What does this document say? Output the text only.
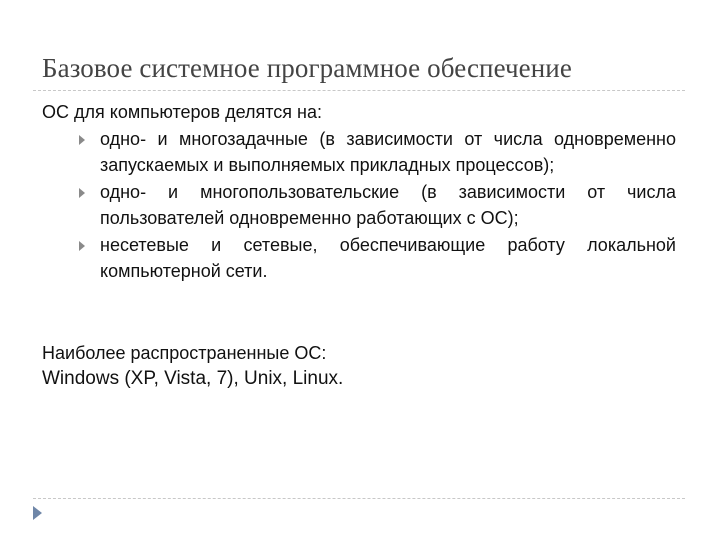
Базовое системное программное обеспечение

ОС для компьютеров делятся на:

одно- и многозадачные (в зависимости от числа одновременно запускаемых и выполняемых прикладных процессов);
одно- и многопользовательские (в зависимости от числа пользователей одновременно работающих с ОС);
несетевые и сетевые, обеспечивающие работу локальной компьютерной сети.

Наиболее распространенные ОС:

Windows (XP, Vista, 7), Unix, Linux.
